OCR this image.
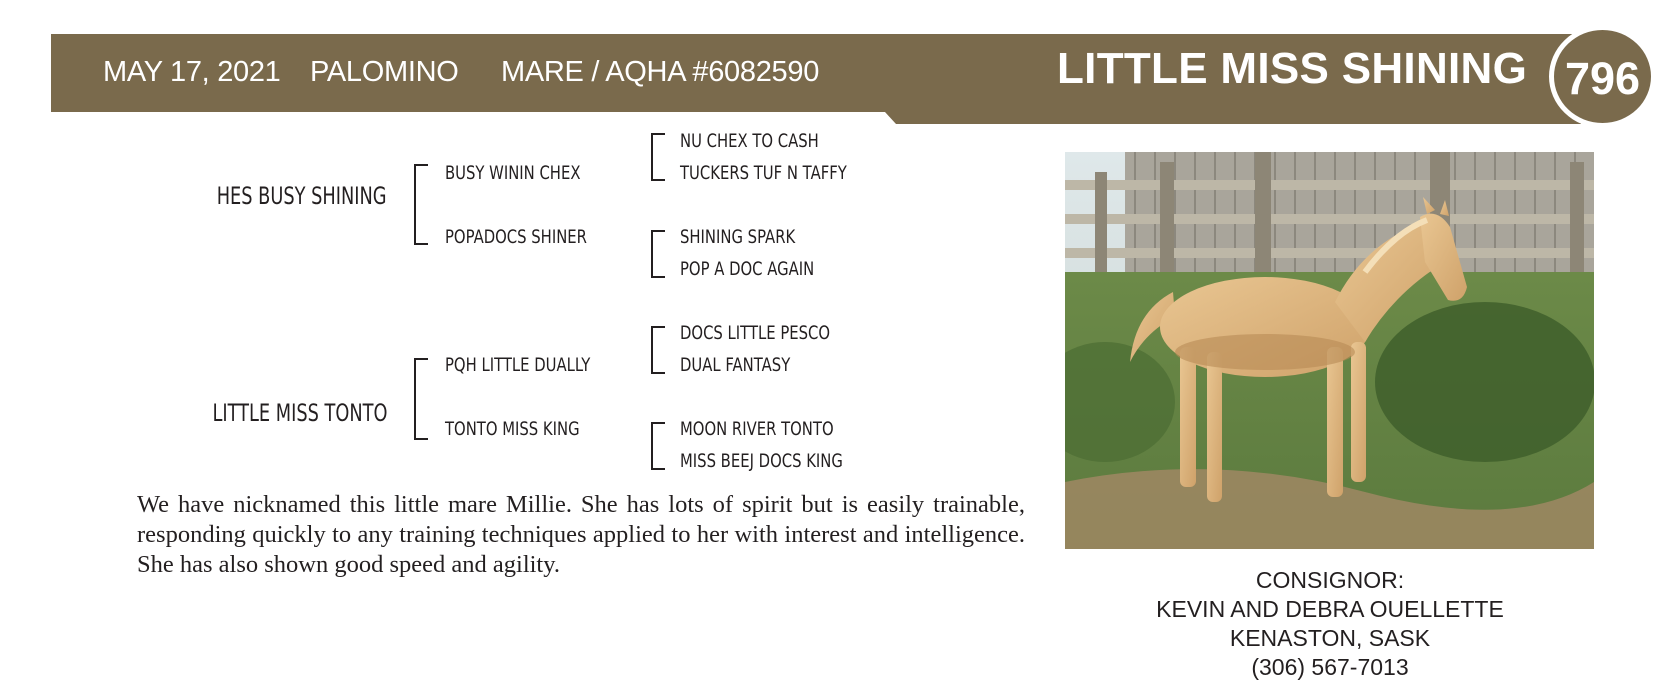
MAY 17, 2021 PALOMINO MARE / AQHA #6082590	LITTLE MISS SHINING 796
HES BUSY SHINING
BUSY WININ CHEX
POPADOCS SHINER
NU CHEX TO CASH
TUCKERS TUF N TAFFY
SHINING SPARK
POP A DOC AGAIN
LITTLE MISS TONTO
PQH LITTLE DUALLY
TONTO MISS KING
DOCS LITTLE PESCO
DUAL FANTASY
MOON RIVER TONTO
MISS BEEJ DOCS KING
We have nicknamed this little mare Millie. She has lots of spirit but is easily trainable, responding quickly to any training techniques applied to her with interest and intelligence. She has also shown good speed and agility.
CONSIGNOR:
KEVIN AND DEBRA OUELLETTE
KENASTON, SASK
(306) 567-7013
